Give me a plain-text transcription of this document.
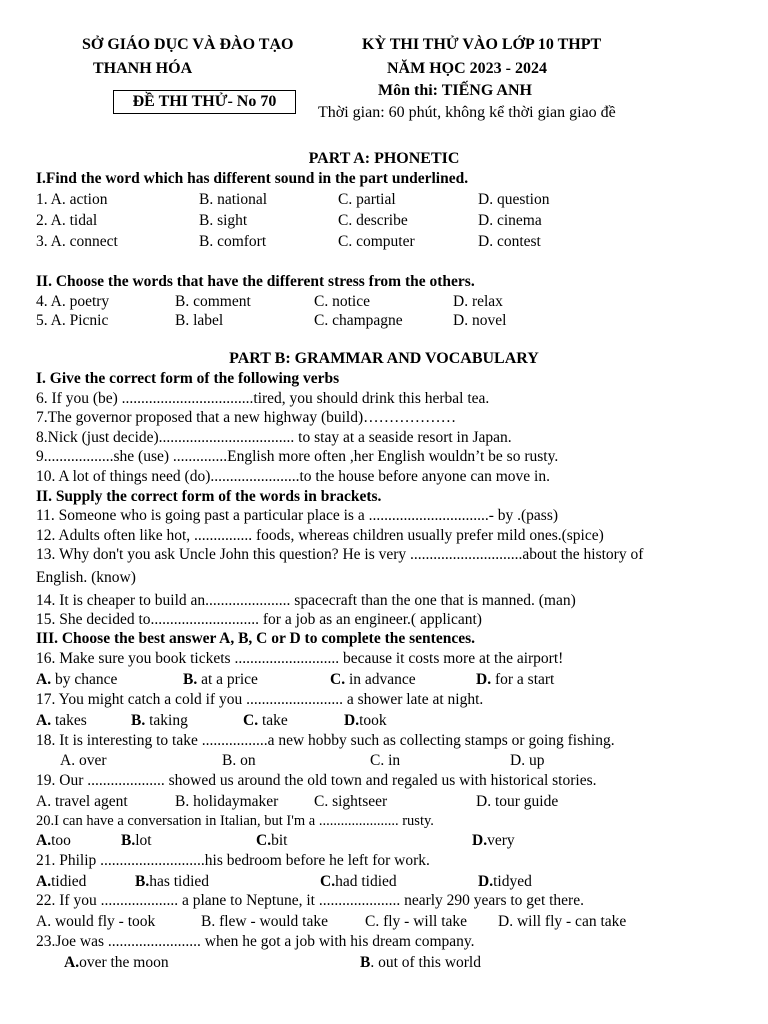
SỞ GIÁO DỤC VÀ ĐÀO TẠO
THANH HÓA
KỲ THI THỬ VÀO LỚP 10 THPT
NĂM HỌC 2023 - 2024
Môn thi: TIẾNG ANH
ĐỀ THI THỬ- No 70
Thời gian: 60 phút, không kể thời gian giao đề
PART A: PHONETIC
I.Find the word which has different sound in the part underlined.
1. A. action	B. national	C. partial	D. question
2. A. tidal	B. sight	C. describe	D. cinema
3. A. connect	B. comfort	C. computer	D. contest
II. Choose the words that have the different stress from the others.
4. A. poetry	B. comment	C. notice	D. relax
5. A. Picnic	B. label	C. champagne	D. novel
PART B: GRAMMAR AND VOCABULARY
I. Give the correct form of the following verbs
6. If you (be) ..................................tired, you should drink this herbal tea.
7.The governor proposed that a new highway (build)………………
8.Nick (just decide)................................... to stay at a seaside resort in Japan.
9..................she (use) ..............English more often ,her English wouldn’t be so rusty.
10. A lot of things need (do).......................to the house before anyone can move in.
II. Supply the correct form of the words in brackets.
11. Someone who is going past a particular place is a ...............................- by .(pass)
12. Adults often like hot, ............... foods, whereas children usually prefer mild ones.(spice)
13. Why don't you ask Uncle John this question? He is very .............................about the history of
English. (know)
14. It is cheaper to build an...................... spacecraft than the one that is manned. (man)
15. She decided to............................ for a job as an engineer.( applicant)
III. Choose the best answer A, B, C or D to complete the sentences.
16. Make sure you book tickets ........................... because it costs more at the airport!
A. by chance	B. at a price	C. in advance	D. for a start
17. You might catch a cold if you ......................... a shower late at night.
A. takes	B. taking	C. take	D.took
18. It is interesting to take .................a new hobby such as collecting stamps or going fishing.
A. over	B. on	C. in	D. up
19. Our .................... showed us around the old town and regaled us with historical stories.
A. travel agent	B. holidaymaker C. sightseer	D. tour guide
20.I can have a conversation in Italian, but I'm a ...................... rusty.
A.too	B.lot	C.bit	D.very
21. Philip ...........................his bedroom before he left for work.
A.tidied	B.has tidied	C.had tidied	D.tidyed
22. If you .................... a plane to Neptune, it ..................... nearly 290 years to get there.
A. would fly - took	B. flew - would take C. fly - will take D. will fly - can take
23.Joe was ........................ when he got a job with his dream company.
A.over the moon	B. out of this world
